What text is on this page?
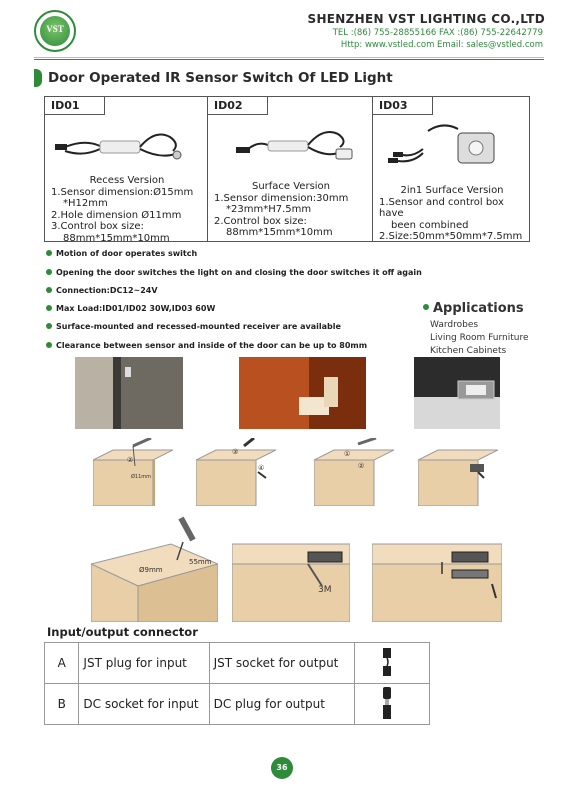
VST
SHENZHEN VST LIGHTING CO.,LTD
TEL :(86) 755-28855166 FAX :(86) 755-22642779
Http: www.vstled.com Email: sales@vstled.com
Door Operated IR Sensor Switch Of LED Light
ID01
Recess Version
1.Sensor dimension:Ø15mm
*H12mm
2.Hole dimension Ø11mm
3.Control box size:
88mm*15mm*10mm
ID02
Surface Version
1.Sensor dimension:30mm
*23mm*H7.5mm
2.Control box size:
88mm*15mm*10mm
ID03
2in1 Surface Version
1.Sensor and control box have
been combined
2.Size:50mm*50mm*7.5mm
Motion of door operates switch
Opening the door switches the light on and closing the door switches it off again
Connection:DC12~24V
Max Load:ID01/ID02 30W,ID03 60W
Surface-mounted and recessed-mounted receiver are available
Clearance between sensor and inside of the door can be up to 80mm
Applications
Wardrobes
Living Room Furniture
Kitchen Cabinets
②
Ø11mm
③
④
①
②
Ø9mm
55mm
3M
Input/output connector
A	JST plug for input	JST socket for output	
B	DC socket for input	DC plug for output	
36
